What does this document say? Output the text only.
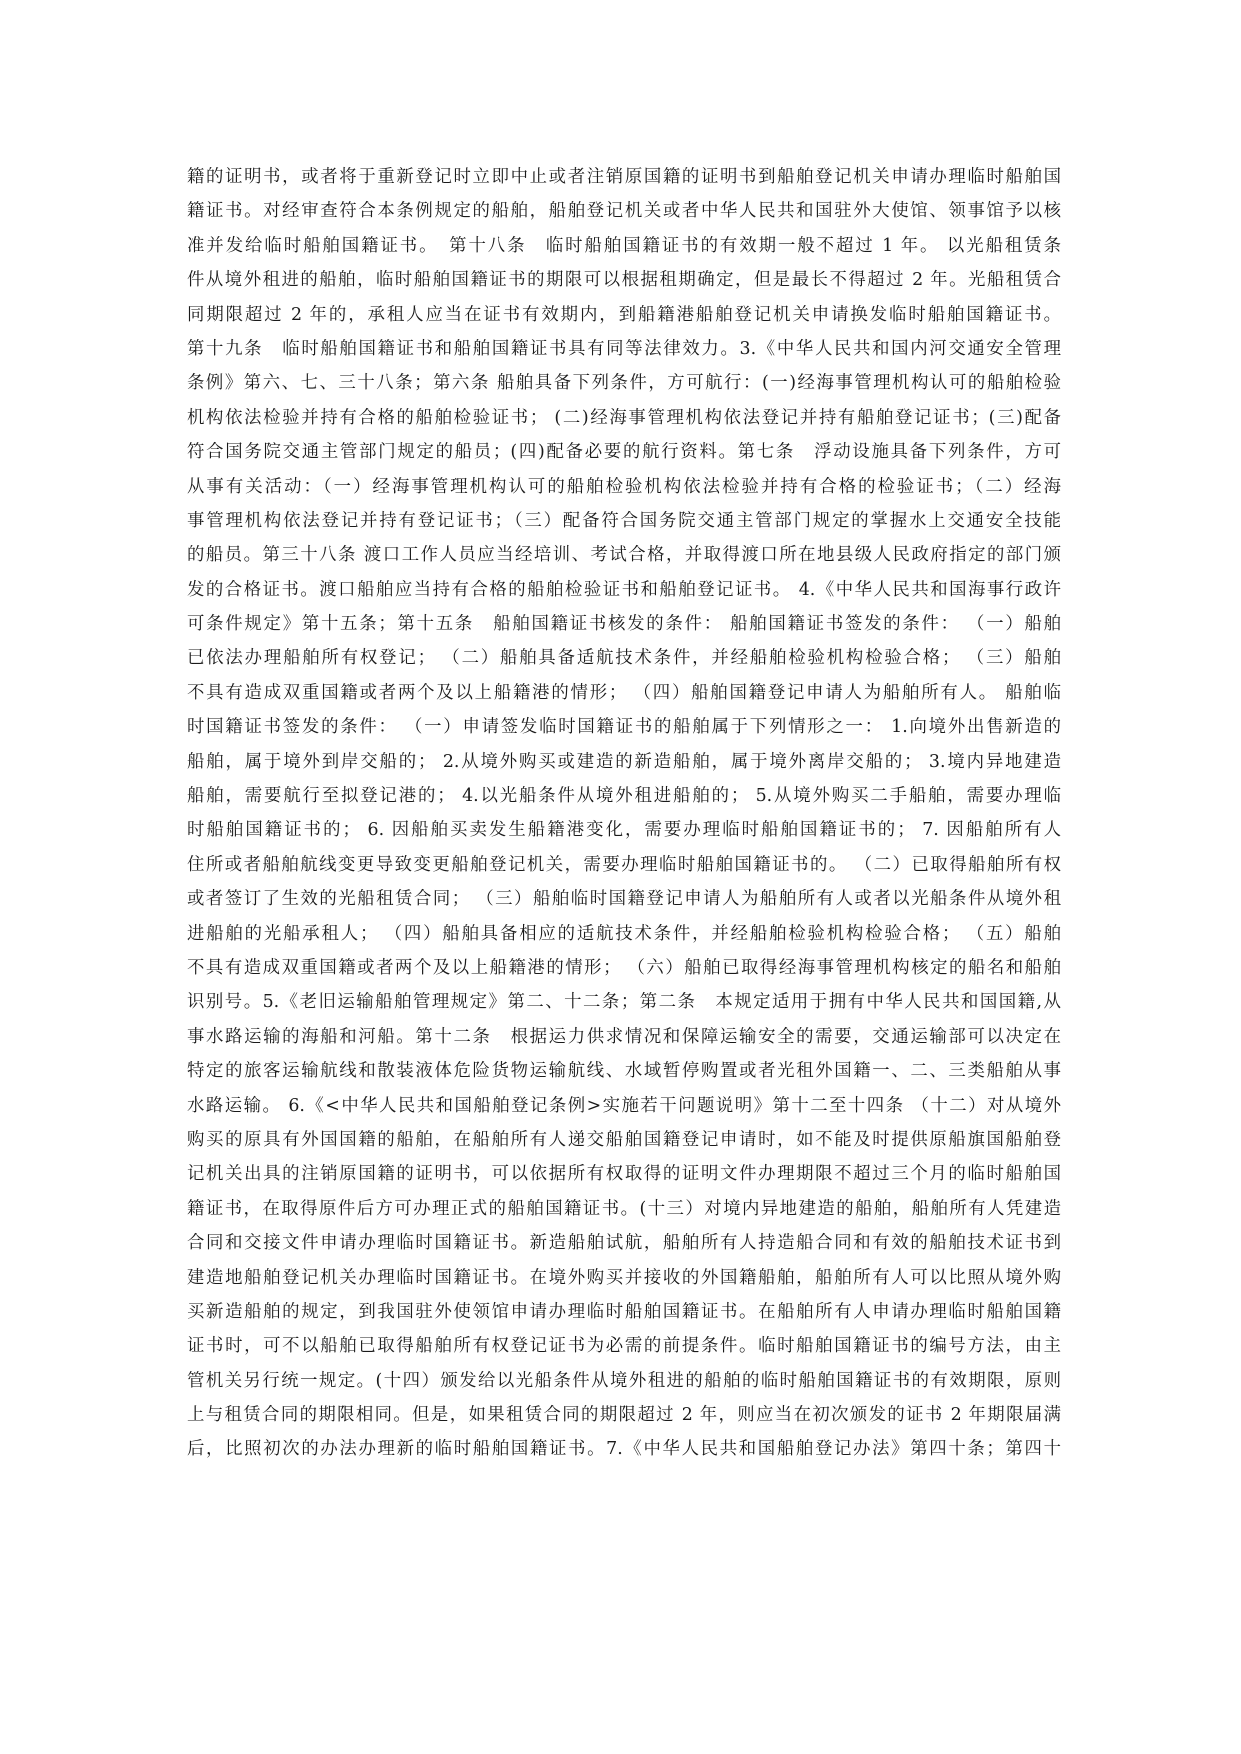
籍的证明书，或者将于重新登记时立即中止或者注销原国籍的证明书到船舶登记机关申请办理临时船舶国
籍证书。对经审查符合本条例规定的船舶，船舶登记机关或者中华人民共和国驻外大使馆、领事馆予以核
准并发给临时船舶国籍证书。　第十八条　临时船舶国籍证书的有效期一般不超过 1 年。 以光船租赁条
件从境外租进的船舶，临时船舶国籍证书的期限可以根据租期确定，但是最长不得超过 2 年。光船租赁合
同期限超过 2 年的，承租人应当在证书有效期内，到船籍港船舶登记机关申请换发临时船舶国籍证书。
第十九条　临时船舶国籍证书和船舶国籍证书具有同等法律效力。3.《中华人民共和国内河交通安全管理
条例》第六、七、三十八条；第六条 船舶具备下列条件，方可航行：(一)经海事管理机构认可的船舶检验
机构依法检验并持有合格的船舶检验证书； (二)经海事管理机构依法登记并持有船舶登记证书；(三)配备
符合国务院交通主管部门规定的船员；(四)配备必要的航行资料。第七条　浮动设施具备下列条件，方可
从事有关活动：（一）经海事管理机构认可的船舶检验机构依法检验并持有合格的检验证书；（二）经海
事管理机构依法登记并持有登记证书；（三）配备符合国务院交通主管部门规定的掌握水上交通安全技能
的船员。第三十八条 渡口工作人员应当经培训、考试合格，并取得渡口所在地县级人民政府指定的部门颁
发的合格证书。渡口船舶应当持有合格的船舶检验证书和船舶登记证书。 4.《中华人民共和国海事行政许
可条件规定》第十五条；第十五条　船舶国籍证书核发的条件： 船舶国籍证书签发的条件： （一）船舶
已依法办理船舶所有权登记； （二）船舶具备适航技术条件，并经船舶检验机构检验合格； （三）船舶
不具有造成双重国籍或者两个及以上船籍港的情形； （四）船舶国籍登记申请人为船舶所有人。 船舶临
时国籍证书签发的条件： （一）申请签发临时国籍证书的船舶属于下列情形之一： 1.向境外出售新造的
船舶，属于境外到岸交船的； 2.从境外购买或建造的新造船舶，属于境外离岸交船的； 3.境内异地建造
船舶，需要航行至拟登记港的； 4.以光船条件从境外租进船舶的； 5.从境外购买二手船舶，需要办理临
时船舶国籍证书的； 6. 因船舶买卖发生船籍港变化，需要办理临时船舶国籍证书的； 7. 因船舶所有人
住所或者船舶航线变更导致变更船舶登记机关，需要办理临时船舶国籍证书的。 （二）已取得船舶所有权
或者签订了生效的光船租赁合同； （三）船舶临时国籍登记申请人为船舶所有人或者以光船条件从境外租
进船舶的光船承租人； （四）船舶具备相应的适航技术条件，并经船舶检验机构检验合格； （五）船舶
不具有造成双重国籍或者两个及以上船籍港的情形； （六）船舶已取得经海事管理机构核定的船名和船舶
识别号。5.《老旧运输船舶管理规定》第二、十二条；第二条　本规定适用于拥有中华人民共和国国籍,从
事水路运输的海船和河船。第十二条　根据运力供求情况和保障运输安全的需要，交通运输部可以决定在
特定的旅客运输航线和散装液体危险货物运输航线、水域暂停购置或者光租外国籍一、二、三类船舶从事
水路运输。 6.《<中华人民共和国船舶登记条例>实施若干问题说明》第十二至十四条 （十二）对从境外
购买的原具有外国国籍的船舶，在船舶所有人递交船舶国籍登记申请时，如不能及时提供原船旗国船舶登
记机关出具的注销原国籍的证明书，可以依据所有权取得的证明文件办理期限不超过三个月的临时船舶国
籍证书，在取得原件后方可办理正式的船舶国籍证书。(十三）对境内异地建造的船舶，船舶所有人凭建造
合同和交接文件申请办理临时国籍证书。新造船舶试航，船舶所有人持造船合同和有效的船舶技术证书到
建造地船舶登记机关办理临时国籍证书。在境外购买并接收的外国籍船舶，船舶所有人可以比照从境外购
买新造船舶的规定，到我国驻外使领馆申请办理临时船舶国籍证书。在船舶所有人申请办理临时船舶国籍
证书时，可不以船舶已取得船舶所有权登记证书为必需的前提条件。临时船舶国籍证书的编号方法，由主
管机关另行统一规定。(十四）颁发给以光船条件从境外租进的船舶的临时船舶国籍证书的有效期限，原则
上与租赁合同的期限相同。但是，如果租赁合同的期限超过 2 年，则应当在初次颁发的证书 2 年期限届满
后，比照初次的办法办理新的临时船舶国籍证书。7.《中华人民共和国船舶登记办法》第四十条；第四十
